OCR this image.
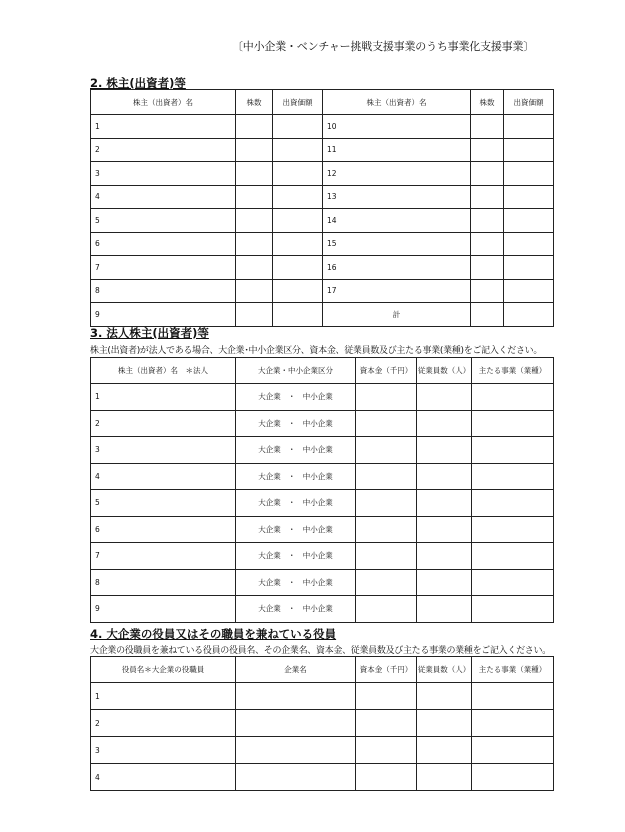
〔中小企業・ベンチャー挑戦支援事業のうち事業化支援事業〕
2. 株主(出資者)等
株主（出資者）名	株数	出資価額	株主（出資者）名	株数	出資価額
1			10		
2			11		
3			12		
4			13		
5			14		
6			15		
7			16		
8			17		
9			計		
3. 法人株主(出資者)等
株主(出資者)が法人である場合、大企業･中小企業区分、資本金、従業員数及び主たる事業(業種)をご記入ください。
株主（出資者）名　＊法人	大企業・中小企業区分	資本金（千円）	従業員数（人）	主たる事業（業種）
1	大企業 ・ 中小企業			
2	大企業 ・ 中小企業			
3	大企業 ・ 中小企業			
4	大企業 ・ 中小企業			
5	大企業 ・ 中小企業			
6	大企業 ・ 中小企業			
7	大企業 ・ 中小企業			
8	大企業 ・ 中小企業			
9	大企業 ・ 中小企業			
4. 大企業の役員又はその職員を兼ねている役員
大企業の役職員を兼ねている役員の役員名、その企業名、資本金、従業員数及び主たる事業の業種をご記入ください。
役員名＊大企業の役職員	企業名	資本金（千円）	従業員数（人）	主たる事業（業種）
1				
2				
3				
4				
